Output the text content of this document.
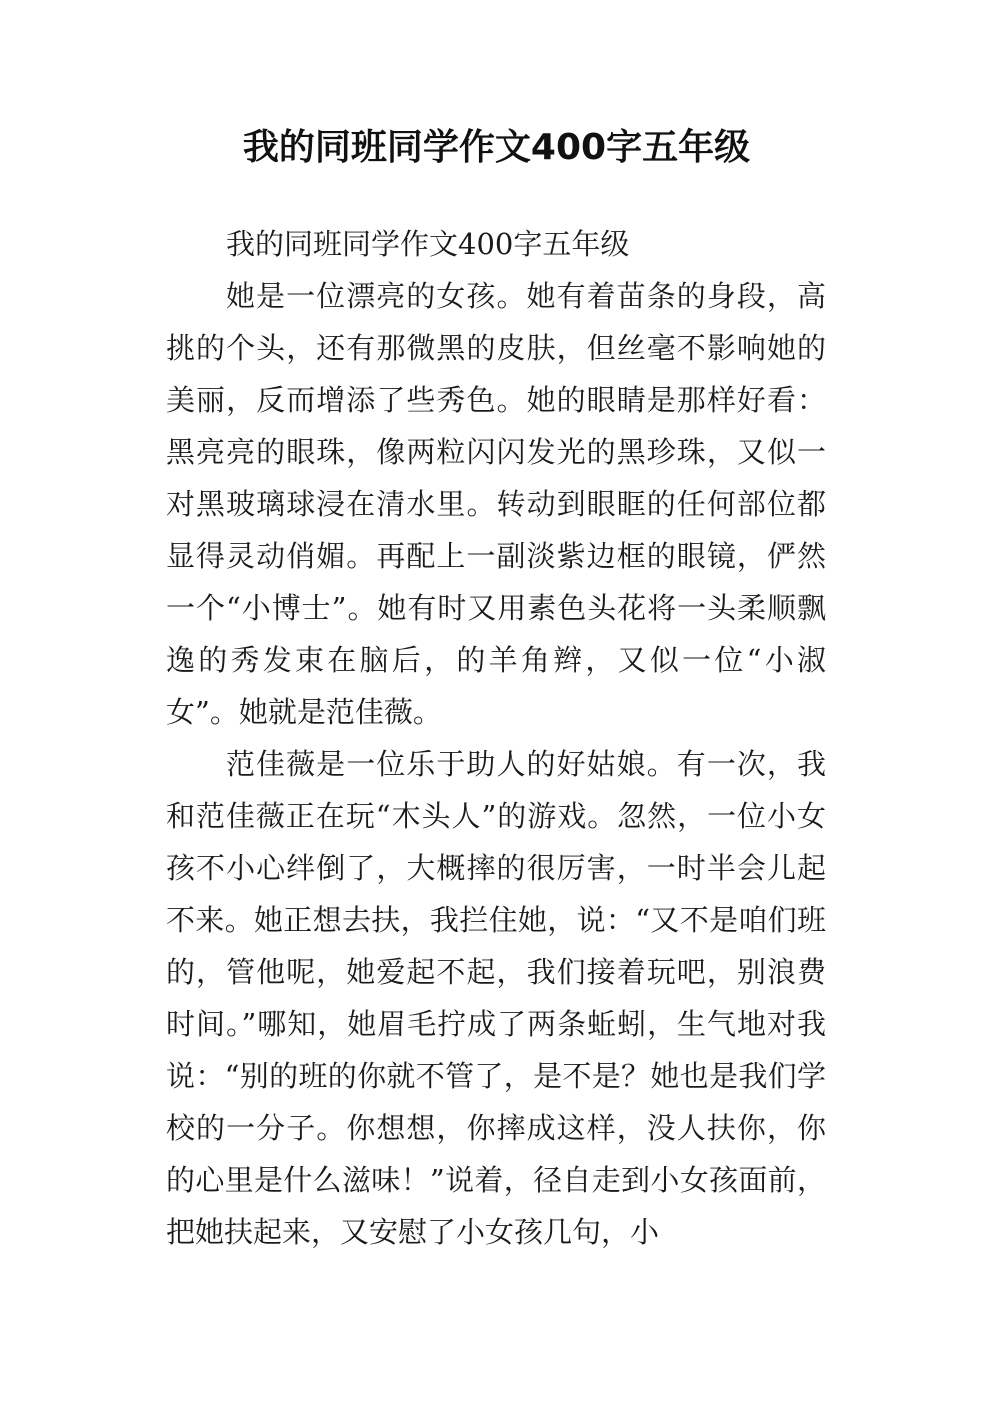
我的同班同学作文400字五年级

我的同班同学作文400字五年级

她是一位漂亮的女孩。她有着苗条的身段，高挑的个头，还有那微黑的皮肤，但丝毫不影响她的美丽，反而增添了些秀色。她的眼睛是那样好看：黑亮亮的眼珠，像两粒闪闪发光的黑珍珠，又似一对黑玻璃球浸在清水里。转动到眼眶的任何部位都显得灵动俏媚。再配上一副淡紫边框的眼镜，俨然一个“小博士”。她有时又用素色头花将一头柔顺飘逸的秀发束在脑后，的羊角辫，又似一位“小淑女”。她就是范佳薇。

范佳薇是一位乐于助人的好姑娘。有一次，我和范佳薇正在玩“木头人”的游戏。忽然，一位小女孩不小心绊倒了，大概摔的很厉害，一时半会儿起不来。她正想去扶，我拦住她，说：“又不是咱们班的，管他呢，她爱起不起，我们接着玩吧，别浪费时间。”哪知，她眉毛拧成了两条蚯蚓，生气地对我说：“别的班的你就不管了，是不是？她也是我们学校的一分子。你想想，你摔成这样，没人扶你，你的心里是什么滋味！”说着，径自走到小女孩面前，把她扶起来，又安慰了小女孩几句，小
